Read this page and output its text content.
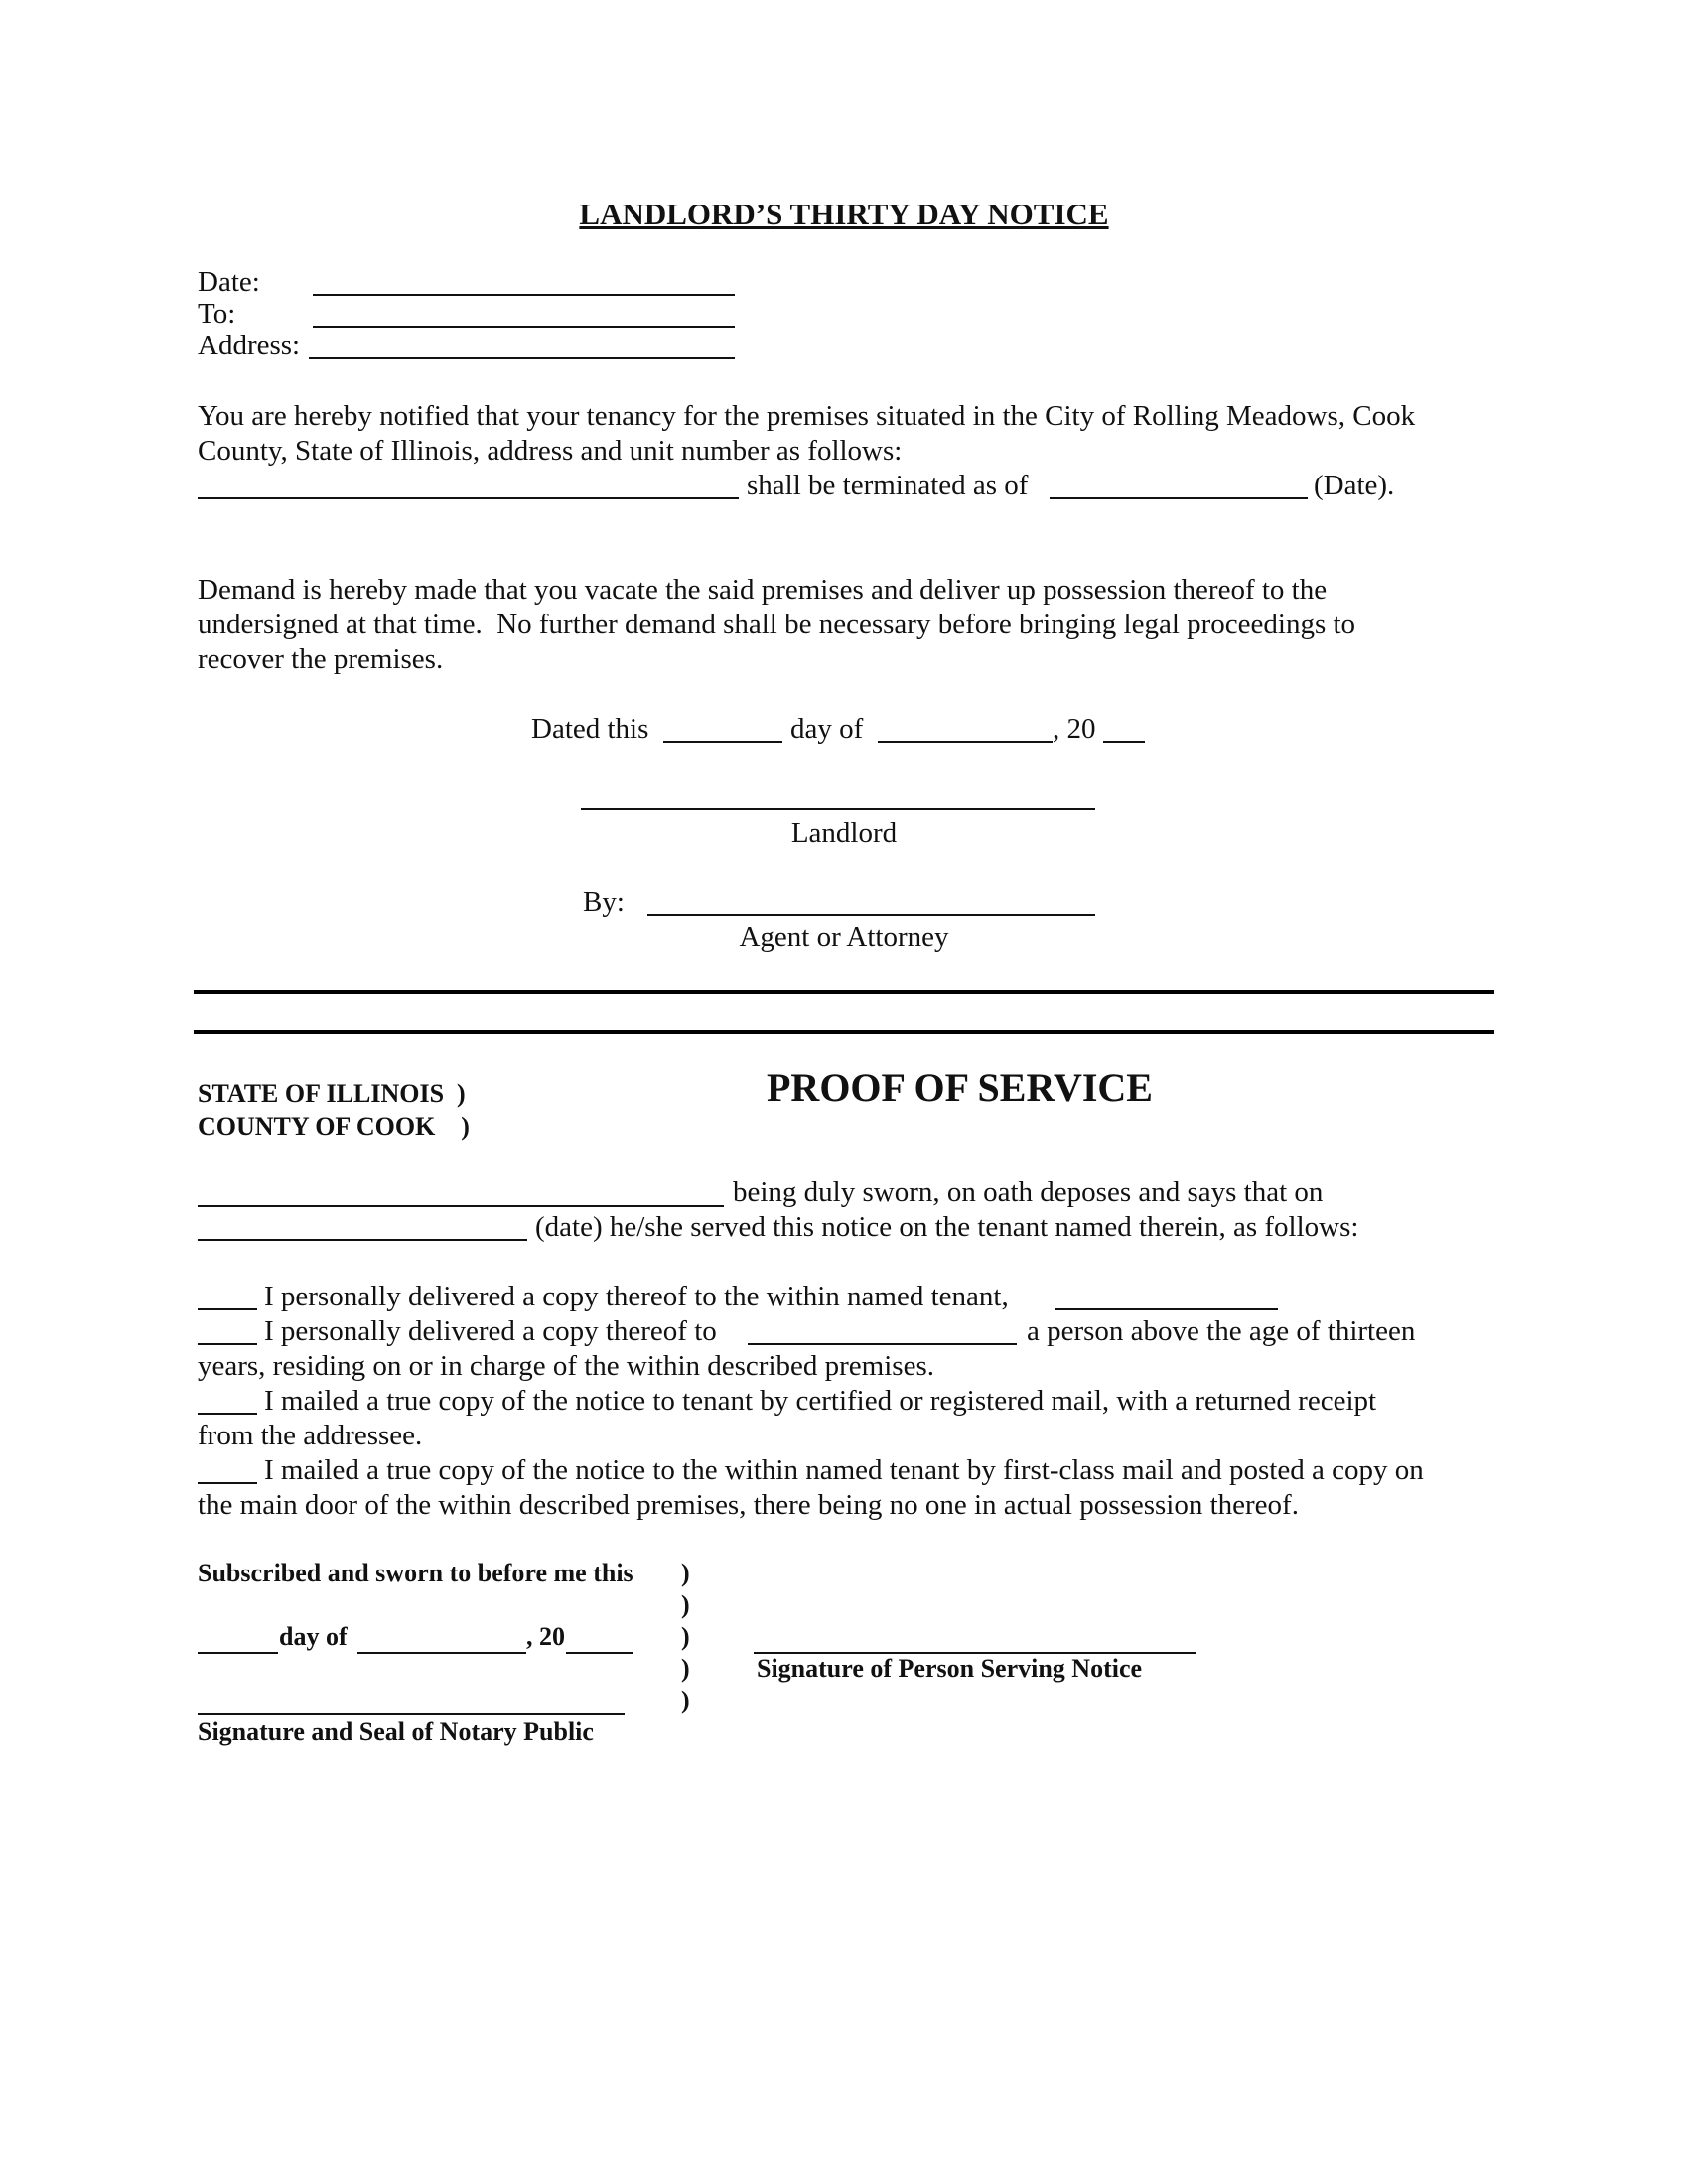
LANDLORD’S THIRTY DAY NOTICE
Date:
To:
Address:
You are hereby notified that your tenancy for the premises situated in the City of Rolling Meadows, Cook
County, State of Illinois, address and unit number as follows:
shall be terminated as of	(Date).
Demand is hereby made that you vacate the said premises and deliver up possession thereof to the
undersigned at that time.  No further demand shall be necessary before bringing legal proceedings to
recover the premises.
Dated this	day of	, 20
Landlord
By:
Agent or Attorney
STATE OF ILLINOIS  )
COUNTY OF COOK    )
PROOF OF SERVICE
being duly sworn, on oath deposes and says that on
(date) he/she served this notice on the tenant named therein, as follows:
I personally delivered a copy thereof to the within named tenant,
I personally delivered a copy thereof to	a person above the age of thirteen
years, residing on or in charge of the within described premises.
I mailed a true copy of the notice to tenant by certified or registered mail, with a returned receipt
from the addressee.
I mailed a true copy of the notice to the within named tenant by first-class mail and posted a copy on
the main door of the within described premises, there being no one in actual possession thereof.
Subscribed and sworn to before me this )
)
day of	, 20	)
)	Signature of Person Serving Notice
)
Signature and Seal of Notary Public
